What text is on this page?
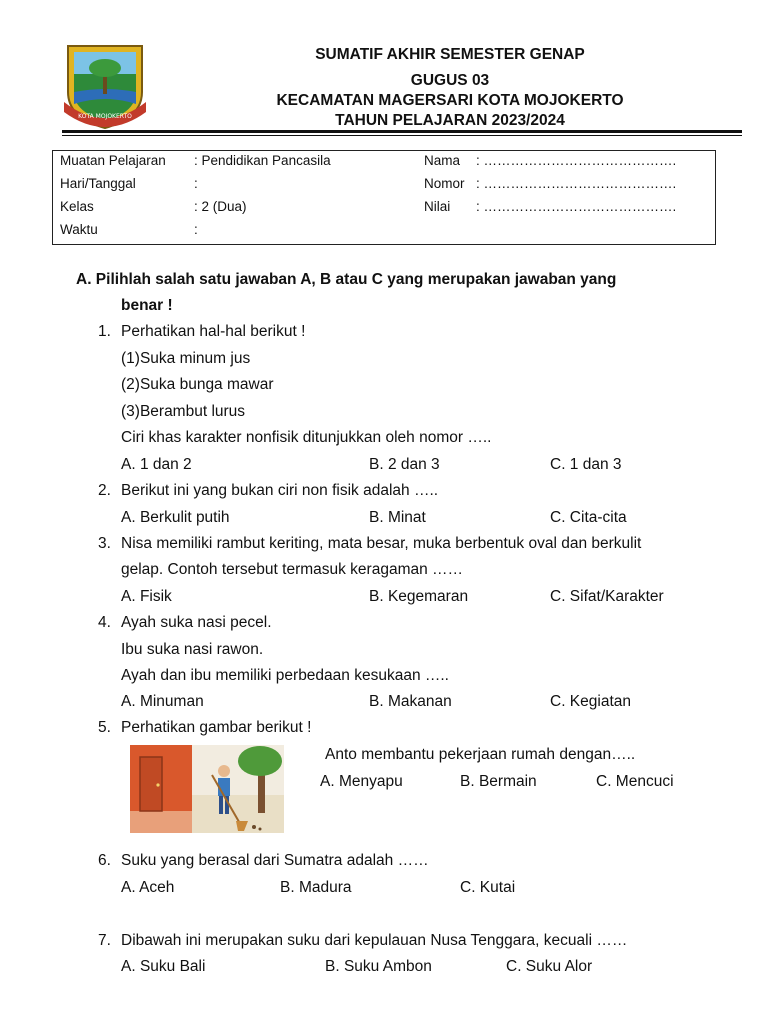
KOTA MOJOKERTO
SUMATIF AKHIR SEMESTER GENAP
GUGUS 03
KECAMATAN MAGERSARI KOTA MOJOKERTO
TAHUN PELAJARAN 2023/2024
Muatan Pelajaran : Pendidikan Pancasila
Hari/Tanggal	:
Kelas	: 2 (Dua)
Waktu	:
Nama : …………………………………….
Nomor : …………………………………….
Nilai : …………………………………….
A. Pilihlah salah satu jawaban A, B atau C yang merupakan jawaban yang
benar !
1. Perhatikan hal-hal berikut !
(1)Suka minum jus
(2)Suka bunga mawar
(3)Berambut lurus
Ciri khas karakter nonfisik ditunjukkan oleh nomor …..
A. 1 dan 2	B. 2 dan 3	C. 1 dan 3
2. Berikut ini yang bukan ciri non fisik adalah …..
A. Berkulit putih	B. Minat	C. Cita-cita
3. Nisa memiliki rambut keriting, mata besar, muka berbentuk oval dan berkulit
gelap. Contoh tersebut termasuk keragaman ……
A. Fisik	B. Kegemaran	C. Sifat/Karakter
4. Ayah suka nasi pecel.
Ibu suka nasi rawon.
Ayah dan ibu memiliki perbedaan kesukaan …..
A. Minuman	B. Makanan	C. Kegiatan
5. Perhatikan gambar berikut !
Anto membantu pekerjaan rumah dengan…..
A. Menyapu	B. Bermain	C. Mencuci
6. Suku yang berasal dari Sumatra adalah ……
A. Aceh	B. Madura	C. Kutai
7. Dibawah ini merupakan suku dari kepulauan Nusa Tenggara, kecuali ……
A. Suku Bali	B. Suku Ambon	C. Suku Alor
